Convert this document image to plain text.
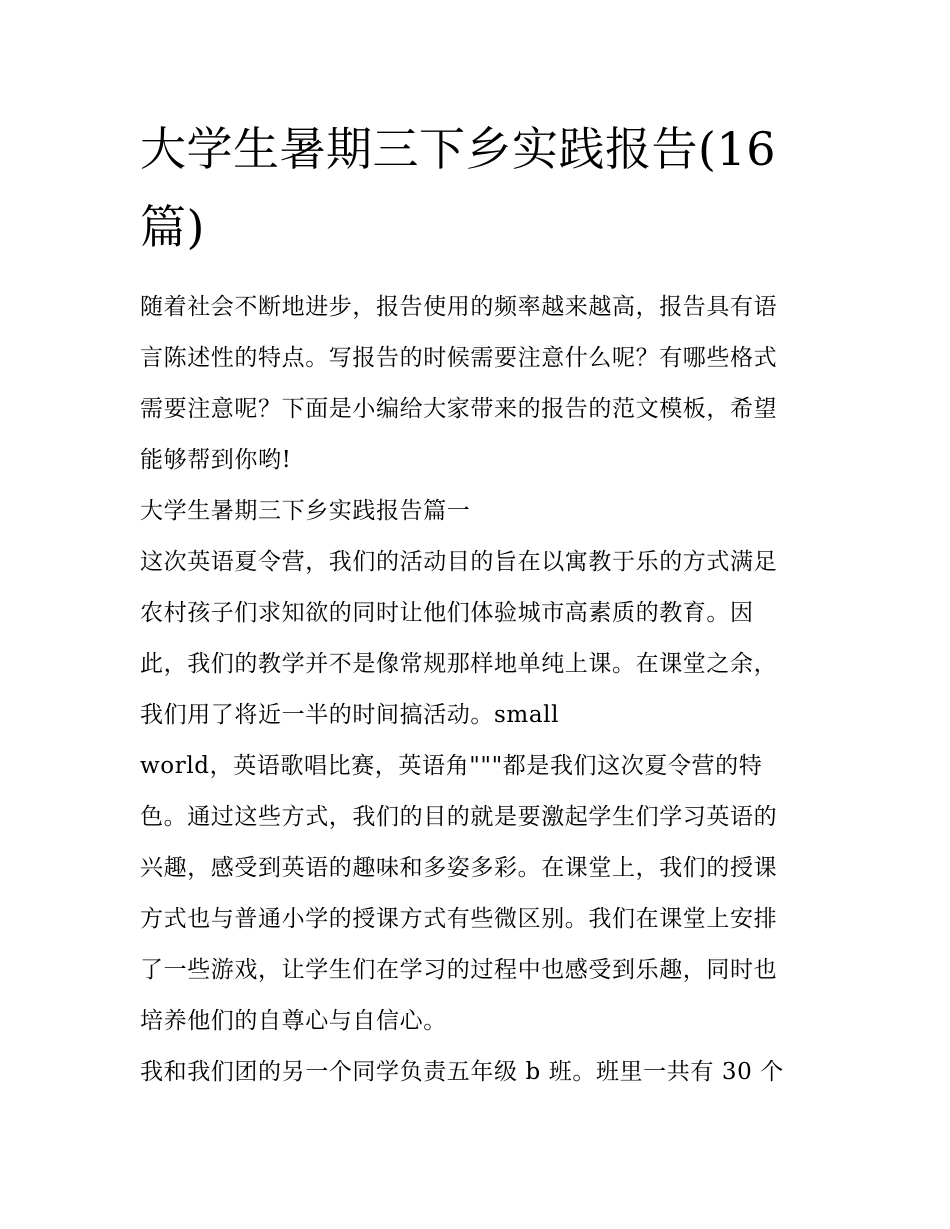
大学生暑期三下乡实践报告(16
篇)
随着社会不断地进步，报告使用的频率越来越高，报告具有语
言陈述性的特点。写报告的时候需要注意什么呢？有哪些格式
需要注意呢？下面是小编给大家带来的报告的范文模板，希望
能够帮到你哟!
大学生暑期三下乡实践报告篇一
这次英语夏令营，我们的活动目的旨在以寓教于乐的方式满足
农村孩子们求知欲的同时让他们体验城市高素质的教育。因
此，我们的教学并不是像常规那样地单纯上课。在课堂之余，
我们用了将近一半的时间搞活动。small
world，英语歌唱比赛，英语角"""都是我们这次夏令营的特
色。通过这些方式，我们的目的就是要激起学生们学习英语的
兴趣，感受到英语的趣味和多姿多彩。在课堂上，我们的授课
方式也与普通小学的授课方式有些微区别。我们在课堂上安排
了一些游戏，让学生们在学习的过程中也感受到乐趣，同时也
培养他们的自尊心与自信心。
我和我们团的另一个同学负责五年级 b 班。班里一共有 30 个
